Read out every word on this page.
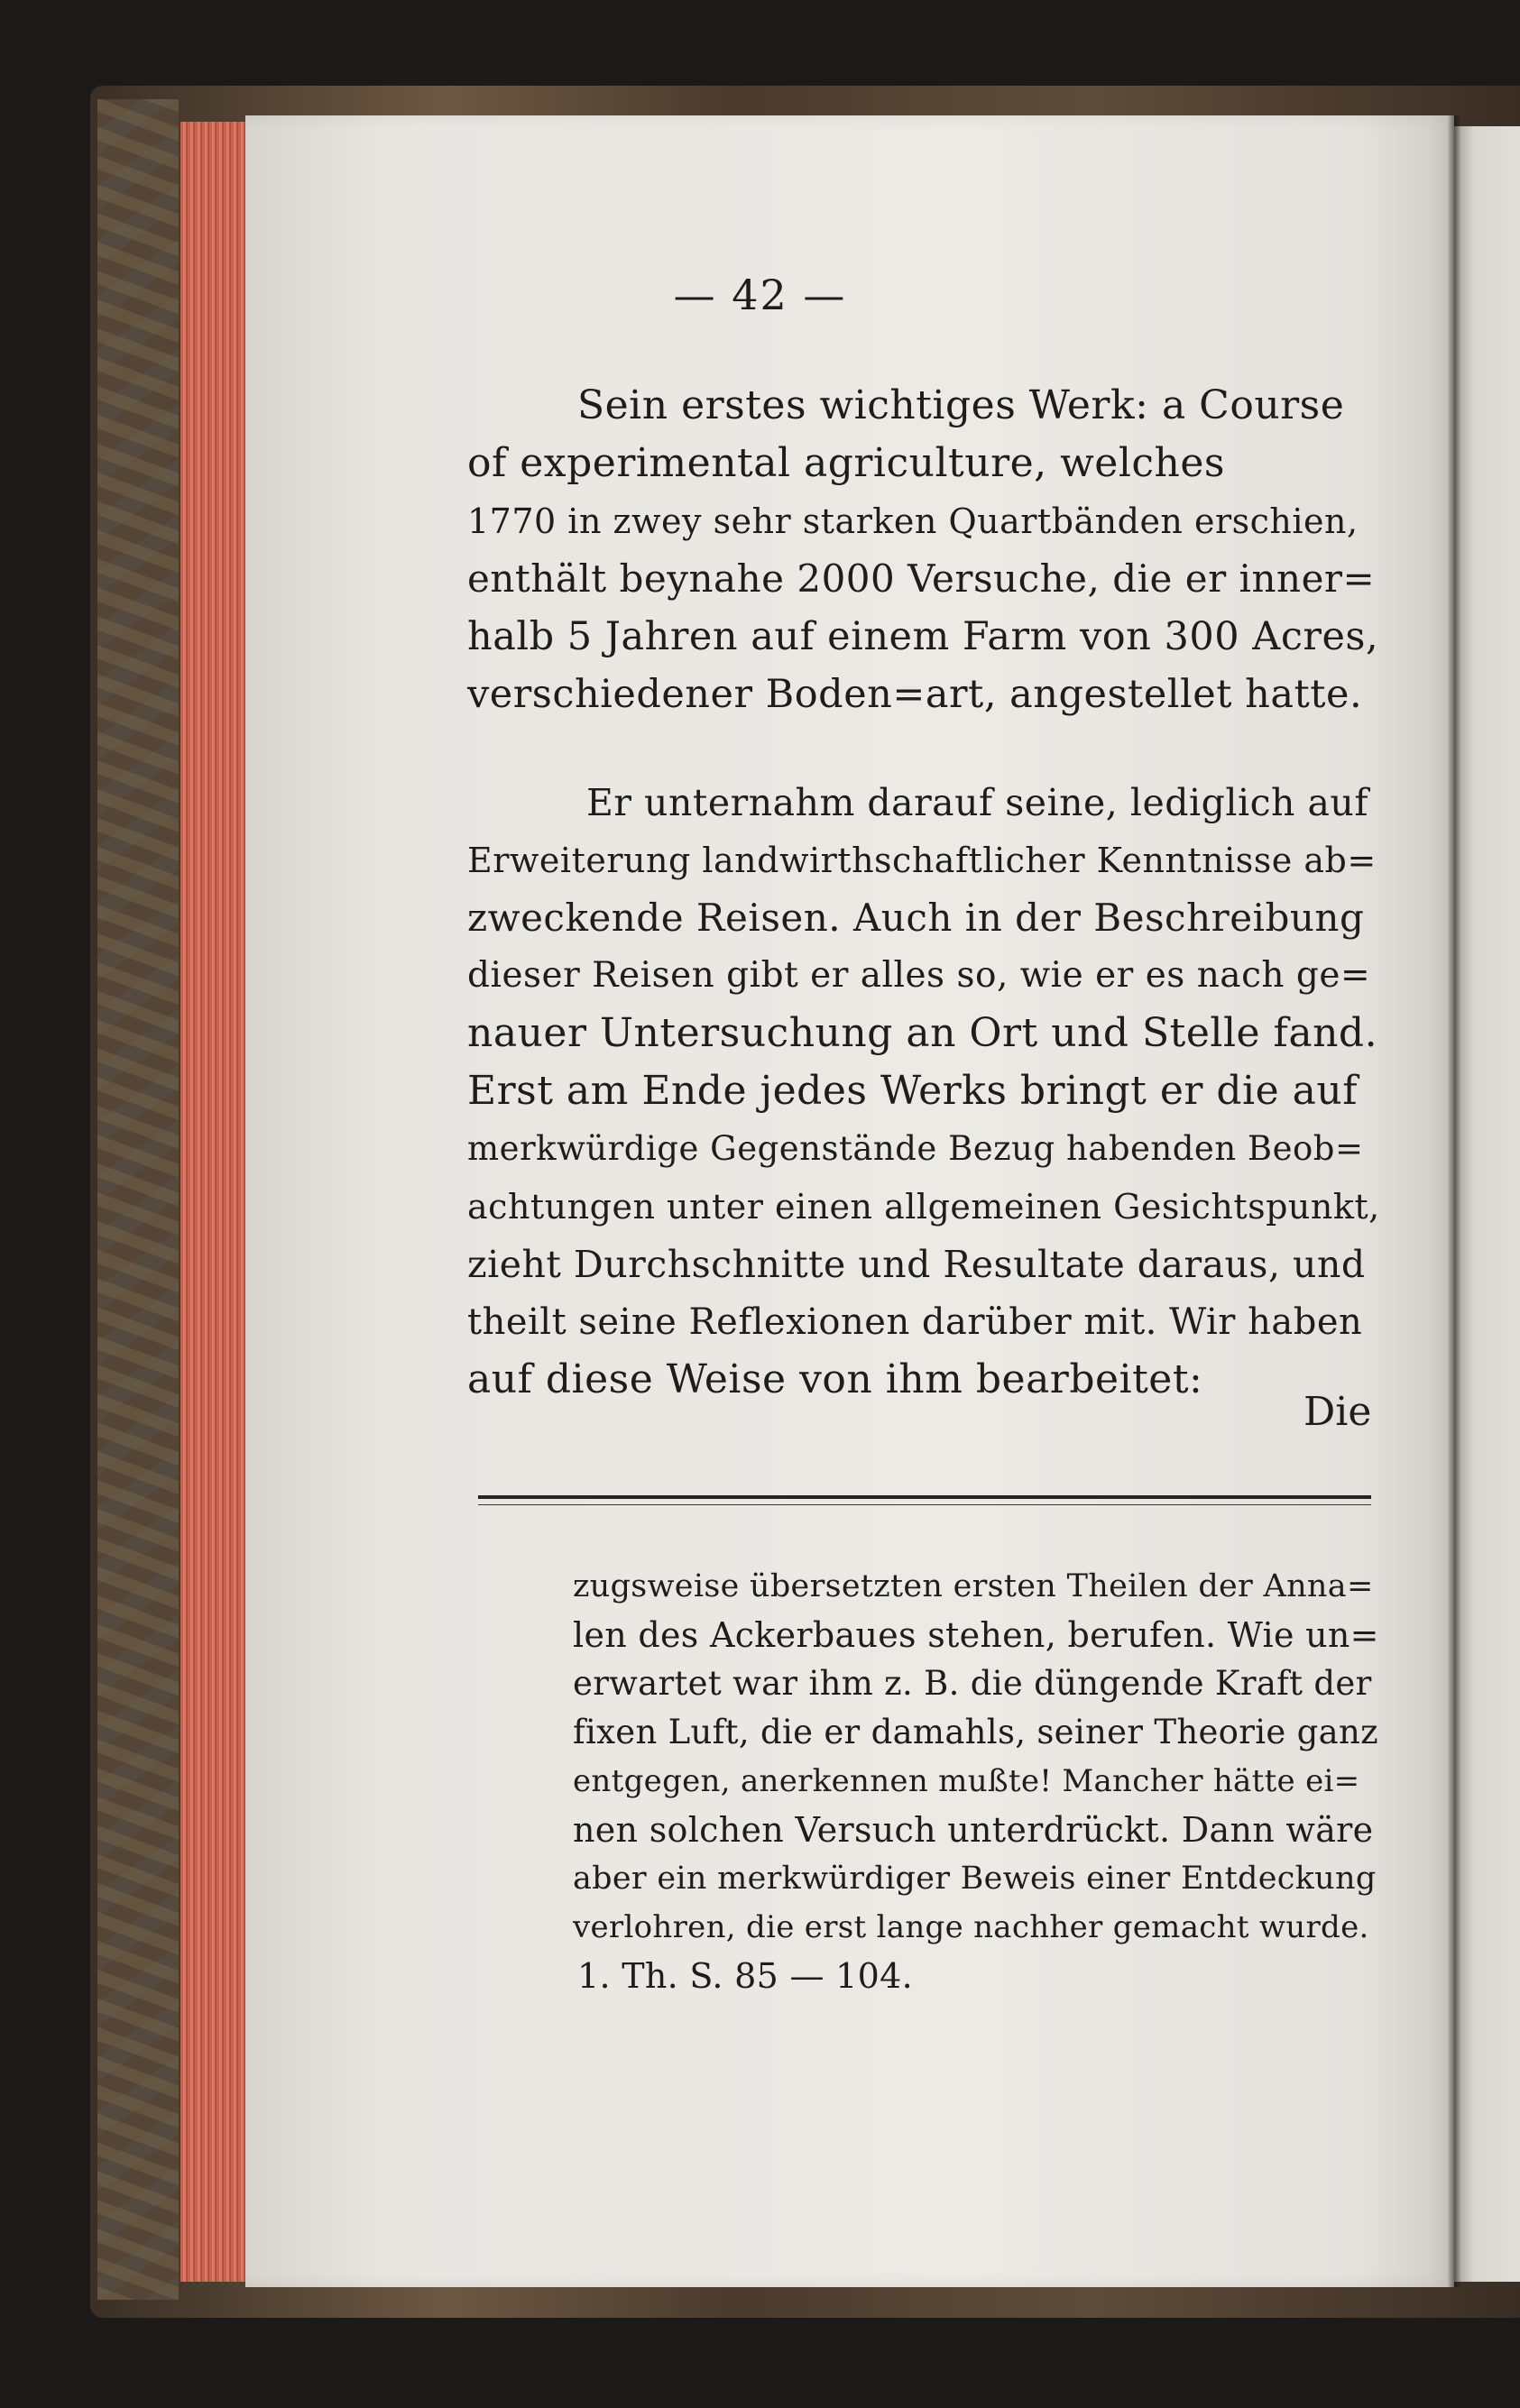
— 42 —
Sein erstes wichtiges Werk: a Course
of experimental agriculture, welches
1770 in zwey sehr starken Quartbänden erschien,
enthält beynahe 2000 Versuche, die er inner=
halb 5 Jahren auf einem Farm von 300 Acres,
verschiedener Boden=art, angestellet hatte.
Er unternahm darauf seine, lediglich auf
Erweiterung landwirthschaftlicher Kenntnisse ab=
zweckende Reisen. Auch in der Beschreibung
dieser Reisen gibt er alles so, wie er es nach ge=
nauer Untersuchung an Ort und Stelle fand.
Erst am Ende jedes Werks bringt er die auf
merkwürdige Gegenstände Bezug habenden Beob=
achtungen unter einen allgemeinen Gesichtspunkt,
zieht Durchschnitte und Resultate daraus, und
theilt seine Reflexionen darüber mit. Wir haben
auf diese Weise von ihm bearbeitet:
Die
zugsweise übersetzten ersten Theilen der Anna=
len des Ackerbaues stehen, berufen. Wie un=
erwartet war ihm z. B. die düngende Kraft der
fixen Luft, die er damahls, seiner Theorie ganz
entgegen, anerkennen mußte! Mancher hätte ei=
nen solchen Versuch unterdrückt. Dann wäre
aber ein merkwürdiger Beweis einer Entdeckung
verlohren, die erst lange nachher gemacht wurde.
1. Th. S. 85 — 104.
